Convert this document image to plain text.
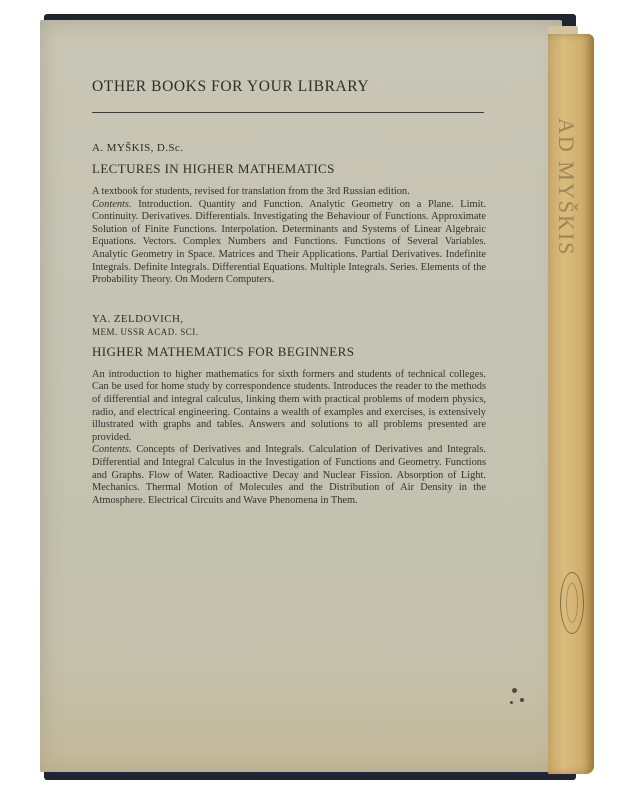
AD MYŠKIS
OTHER BOOKS FOR YOUR LIBRARY
A. MYŠKIS, D.Sc.
LECTURES IN HIGHER MATHEMATICS

A textbook for students, revised for translation from the 3rd Russian edition.

Contents. Introduction. Quantity and Function. Analytic Geometry on a Plane. Limit. Continuity. Derivatives. Differentials. Investigating the Behaviour of Functions. Approximate Solution of Finite Functions. Interpolation. Determinants and Systems of Linear Algebraic Equations. Vectors. Complex Numbers and Functions. Functions of Several Variables. Analytic Geometry in Space. Matrices and Their Applications. Partial Derivatives. Indefinite Integrals. Definite Integrals. Differential Equations. Multiple Integrals. Series. Elements of the Probability Theory. On Modern Computers.

YA. ZELDOVICH,
MEM. USSR ACAD. SCI.
HIGHER MATHEMATICS FOR BEGINNERS

An introduction to higher mathematics for sixth formers and students of technical colleges. Can be used for home study by correspondence students. Introduces the reader to the methods of differential and integral calculus, linking them with practical problems of modern physics, radio, and electrical engineering. Contains a wealth of examples and exercises, is extensively illustrated with graphs and tables. Answers and solutions to all problems presented are provided.

Contents. Concepts of Derivatives and Integrals. Calculation of Derivatives and Integrals. Differential and Integral Calculus in the Investigation of Functions and Geometry. Functions and Graphs. Flow of Water. Radioactive Decay and Nuclear Fission. Absorption of Light. Mechanics. Thermal Motion of Molecules and the Distribution of Air Density in the Atmosphere. Electrical Circuits and Wave Phenomena in Them.
